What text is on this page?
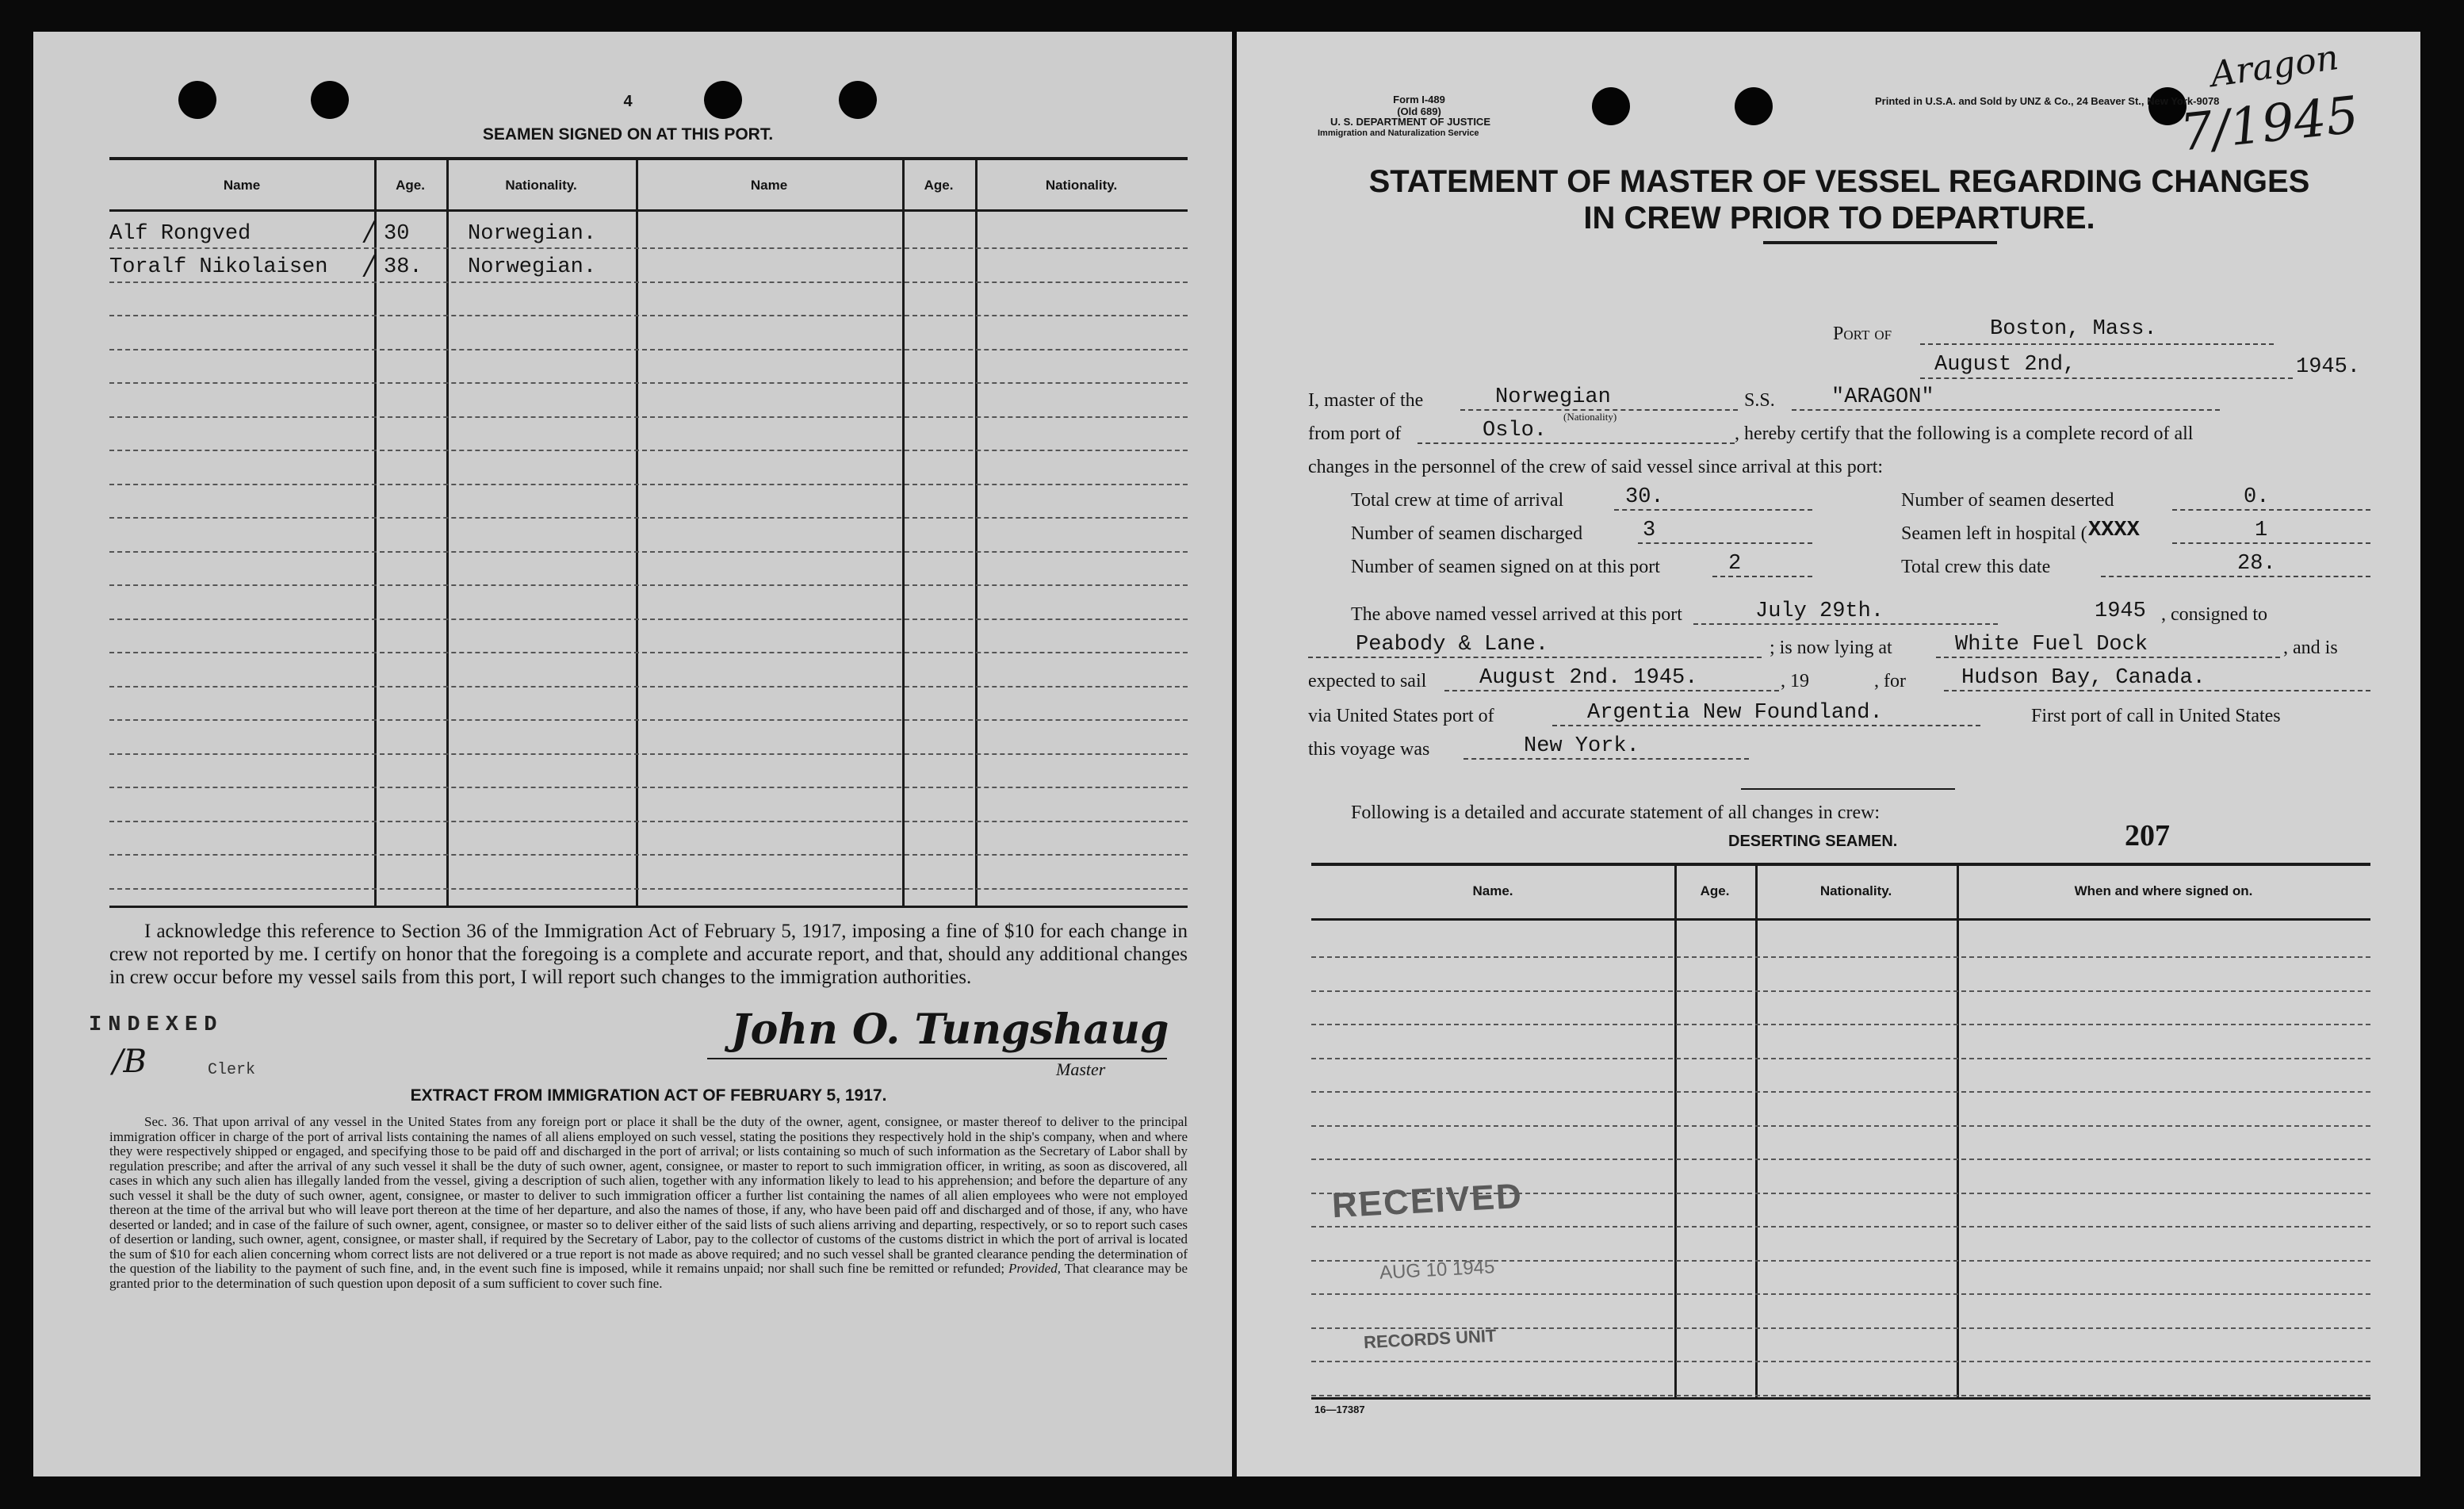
4
SEAMEN SIGNED ON AT THIS PORT.
Name	Age.	Nationality.	Name	Age.	Nationality.
Alf Rongved	30	Norwegian.
Toralf Nikolaisen	38. Norwegian.
/
/
I acknowledge this reference to Section 36 of the Immigration Act of February 5, 1917, imposing a fine of $10 for each change in crew not reported by me. I certify on honor that the foregoing is a complete and accurate report, and that, should any additional changes in crew occur before my vessel sails from this port, I will report such changes to the immigration authorities.
INDEXED
/B	Clerk
John O. Tungshaug
Master
EXTRACT FROM IMMIGRATION ACT OF FEBRUARY 5, 1917.
Sec. 36. That upon arrival of any vessel in the United States from any foreign port or place it shall be the duty of the owner, agent, consignee, or master thereof to deliver to the principal immigration officer in charge of the port of arrival lists containing the names of all aliens employed on such vessel, stating the positions they respectively hold in the ship's company, when and where they were respectively shipped or engaged, and specifying those to be paid off and discharged in the port of arrival; or lists containing so much of such information as the Secretary of Labor shall by regulation prescribe; and after the arrival of any such vessel it shall be the duty of such owner, agent, consignee, or master to report to such immigration officer, in writing, as soon as discovered, all cases in which any such alien has illegally landed from the vessel, giving a description of such alien, together with any information likely to lead to his apprehension; and before the departure of any such vessel it shall be the duty of such owner, agent, consignee, or master to deliver to such immigration officer a further list containing the names of all alien employees who were not employed thereon at the time of the arrival but who will leave port thereon at the time of her departure, and also the names of those, if any, who have been paid off and discharged and of those, if any, who have deserted or landed; and in case of the failure of such owner, agent, consignee, or master so to deliver either of the said lists of such aliens arriving and departing, respectively, or so to report such cases of desertion or landing, such owner, agent, consignee, or master shall, if required by the Secretary of Labor, pay to the collector of customs of the customs district in which the port of arrival is located the sum of $10 for each alien concerning whom correct lists are not delivered or a true report is not made as above required; and no such vessel shall be granted clearance pending the determination of the question of the liability to the payment of such fine, and, in the event such fine is imposed, while it remains unpaid; nor shall such fine be remitted or refunded; Provided, That clearance may be granted prior to the determination of such question upon deposit of a sum sufficient to cover such fine.
Form I-489
(Old 689)
U. S. DEPARTMENT OF JUSTICE
Immigration and Naturalization Service
Printed in U.S.A. and Sold by UNZ & Co., 24 Beaver St., New York-9078
Aragon
7/1945
STATEMENT OF MASTER OF VESSEL REGARDING CHANGES
IN CREW PRIOR TO DEPARTURE.
Port of	Boston, Mass.
August 2nd,	1945.
I, master of the	Norwegian
(Nationality)
S.S.	"ARAGON"
from port of	Oslo.	, hereby certify that the following is a complete record of all
changes in the personnel of the crew of said vessel since arrival at this port:
Total crew at time of arrival	30.	Number of seamen deserted	0.
Number of seamen discharged	3	Seamen left in hospital ( XXXX	1
Number of seamen signed on at this port	2	Total crew this date	28.
The above named vessel arrived at this port	July 29th.	1945 , consigned to
Peabody & Lane.	; is now lying at	White Fuel Dock	, and is
expected to sail August 2nd. 1945.	, 19	, for	Hudson Bay, Canada.
via United States port of	Argentia New Foundland.	First port of call in United States
this voyage was	New York.
Following is a detailed and accurate statement of all changes in crew:
DESERTING SEAMEN.	207
Name.	Age.	Nationality.	When and where signed on.
RECEIVED
AUG 10 1945
RECORDS UNIT
16—17387
